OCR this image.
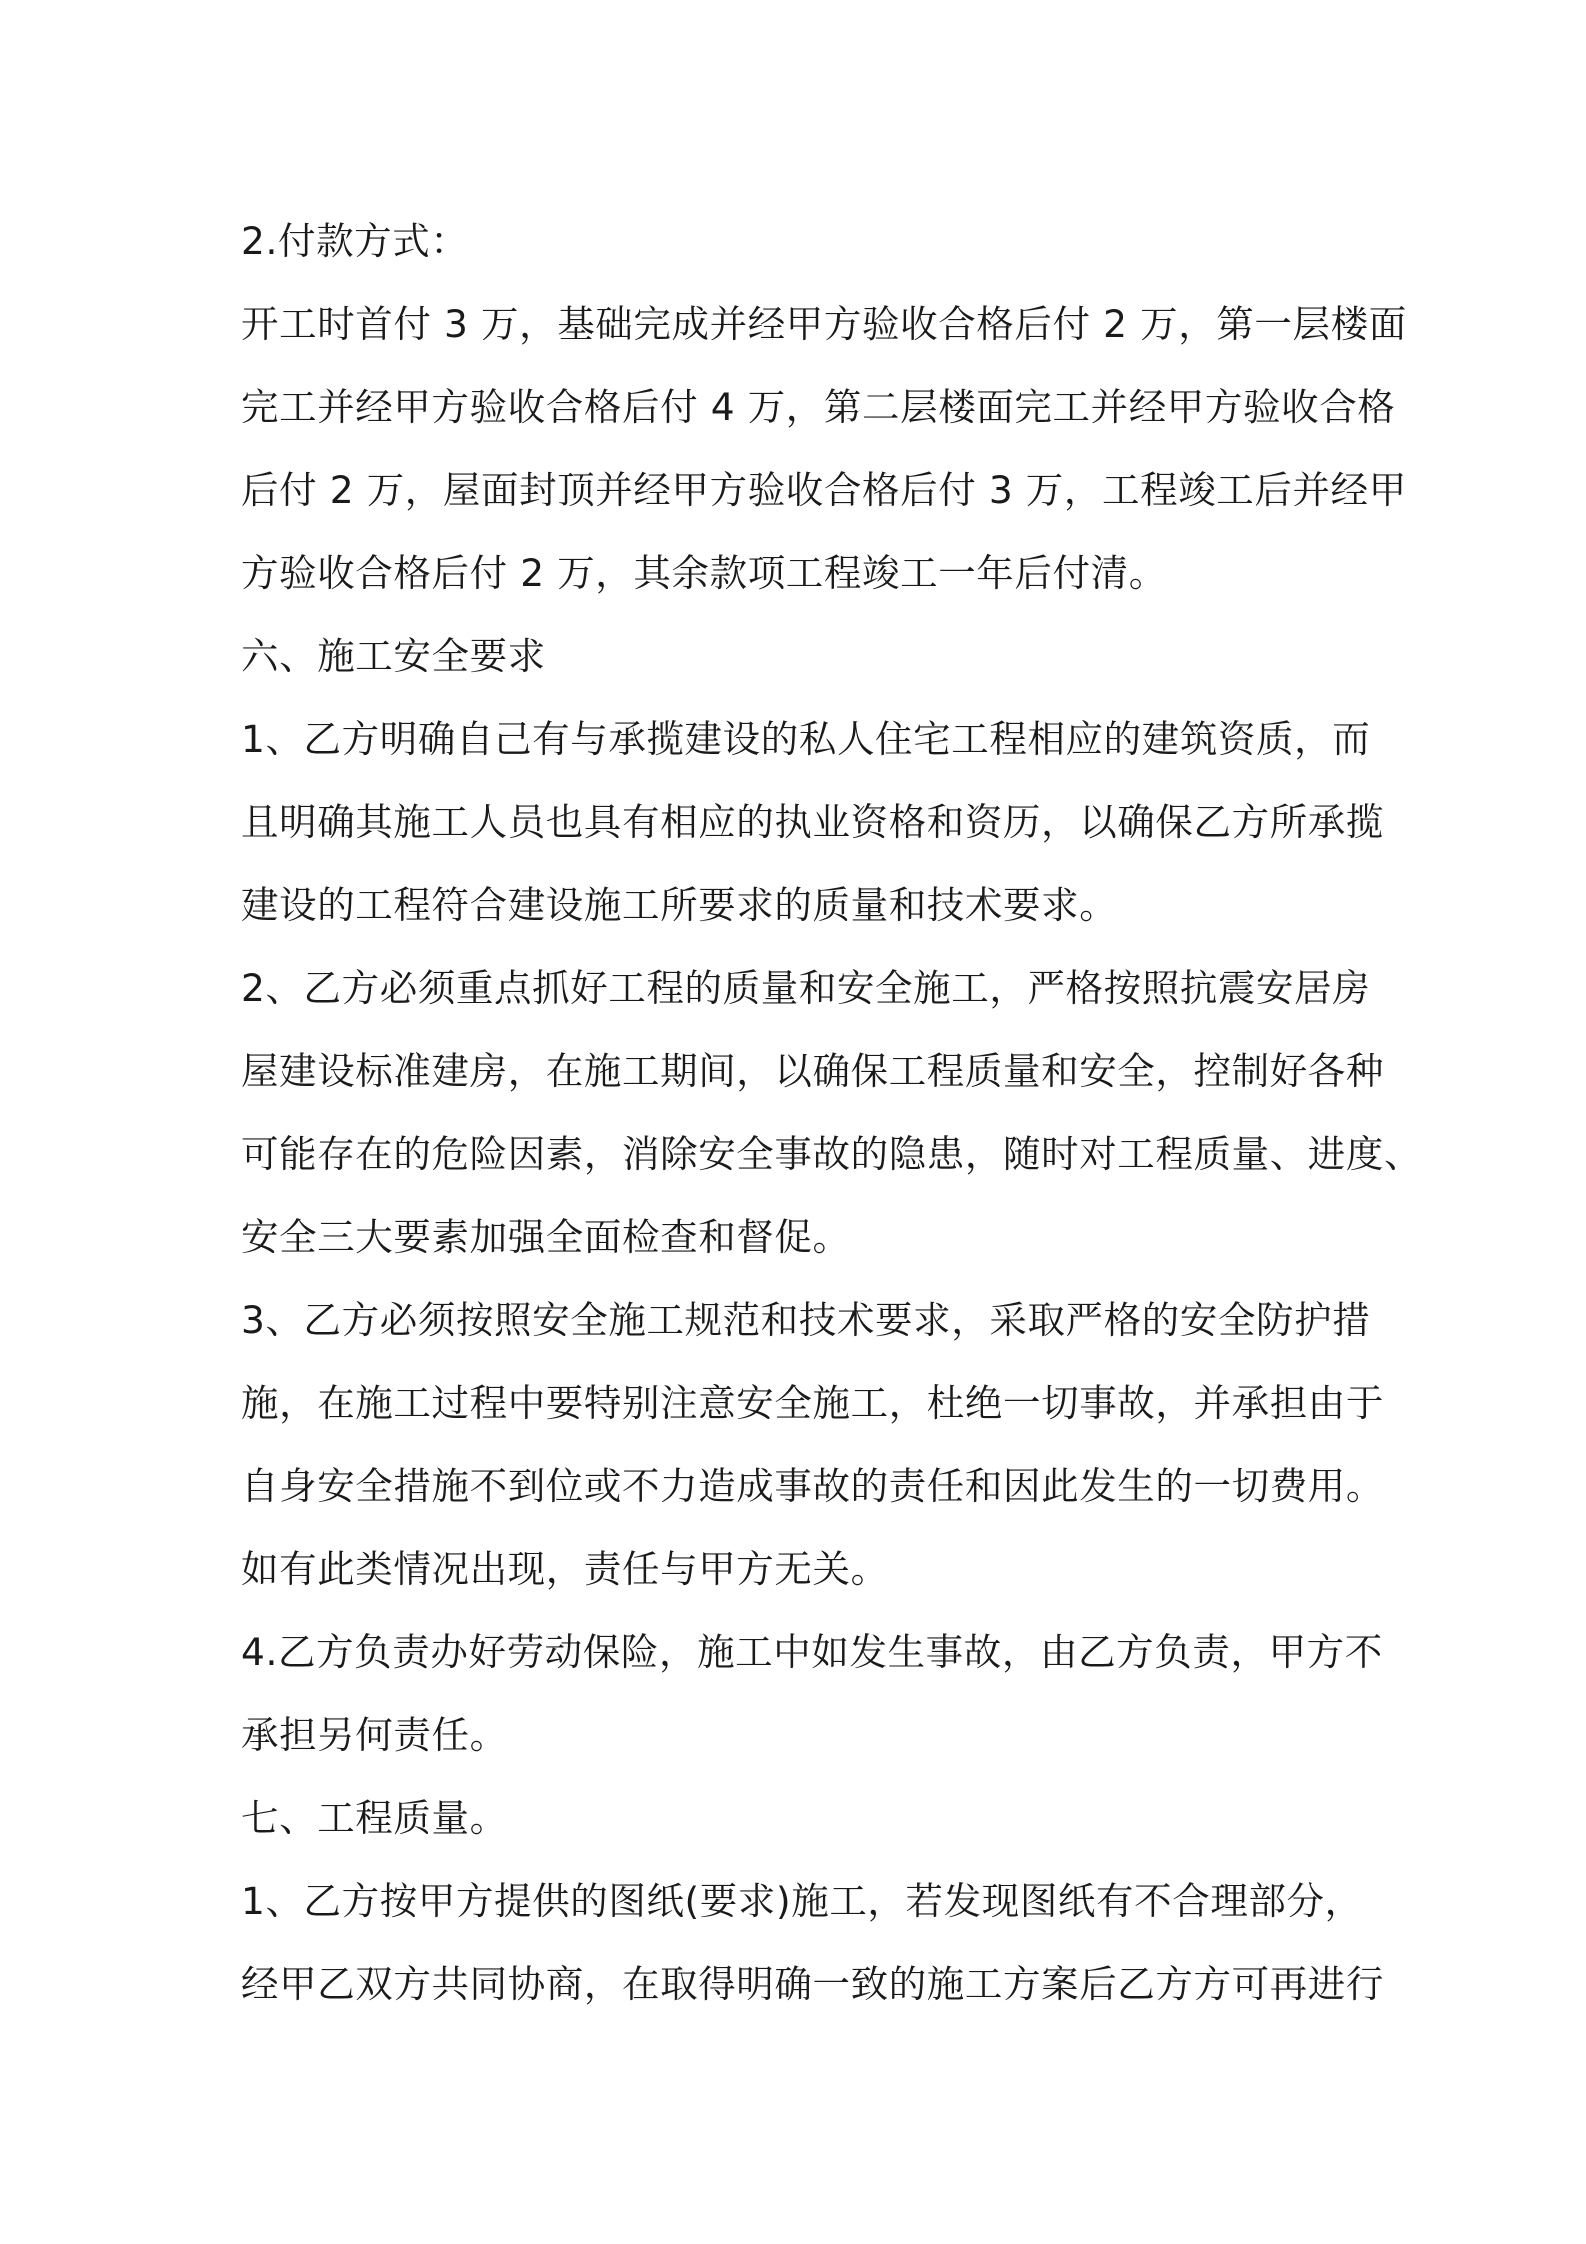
2.付款方式：

开工时首付 3 万，基础完成并经甲方验收合格后付 2 万，第一层楼面
完工并经甲方验收合格后付 4 万，第二层楼面完工并经甲方验收合格
后付 2 万，屋面封顶并经甲方验收合格后付 3 万，工程竣工后并经甲
方验收合格后付 2 万，其余款项工程竣工一年后付清。

六、施工安全要求

1、乙方明确自己有与承揽建设的私人住宅工程相应的建筑资质，而
且明确其施工人员也具有相应的执业资格和资历，以确保乙方所承揽
建设的工程符合建设施工所要求的质量和技术要求。

2、乙方必须重点抓好工程的质量和安全施工，严格按照抗震安居房
屋建设标准建房，在施工期间，以确保工程质量和安全，控制好各种
可能存在的危险因素，消除安全事故的隐患，随时对工程质量、进度、
安全三大要素加强全面检查和督促。

3、乙方必须按照安全施工规范和技术要求，采取严格的安全防护措
施，在施工过程中要特别注意安全施工，杜绝一切事故，并承担由于
自身安全措施不到位或不力造成事故的责任和因此发生的一切费用。
如有此类情况出现，责任与甲方无关。

4.乙方负责办好劳动保险，施工中如发生事故，由乙方负责，甲方不
承担另何责任。

七、工程质量。

1、乙方按甲方提供的图纸(要求)施工，若发现图纸有不合理部分，
经甲乙双方共同协商，在取得明确一致的施工方案后乙方方可再进行
